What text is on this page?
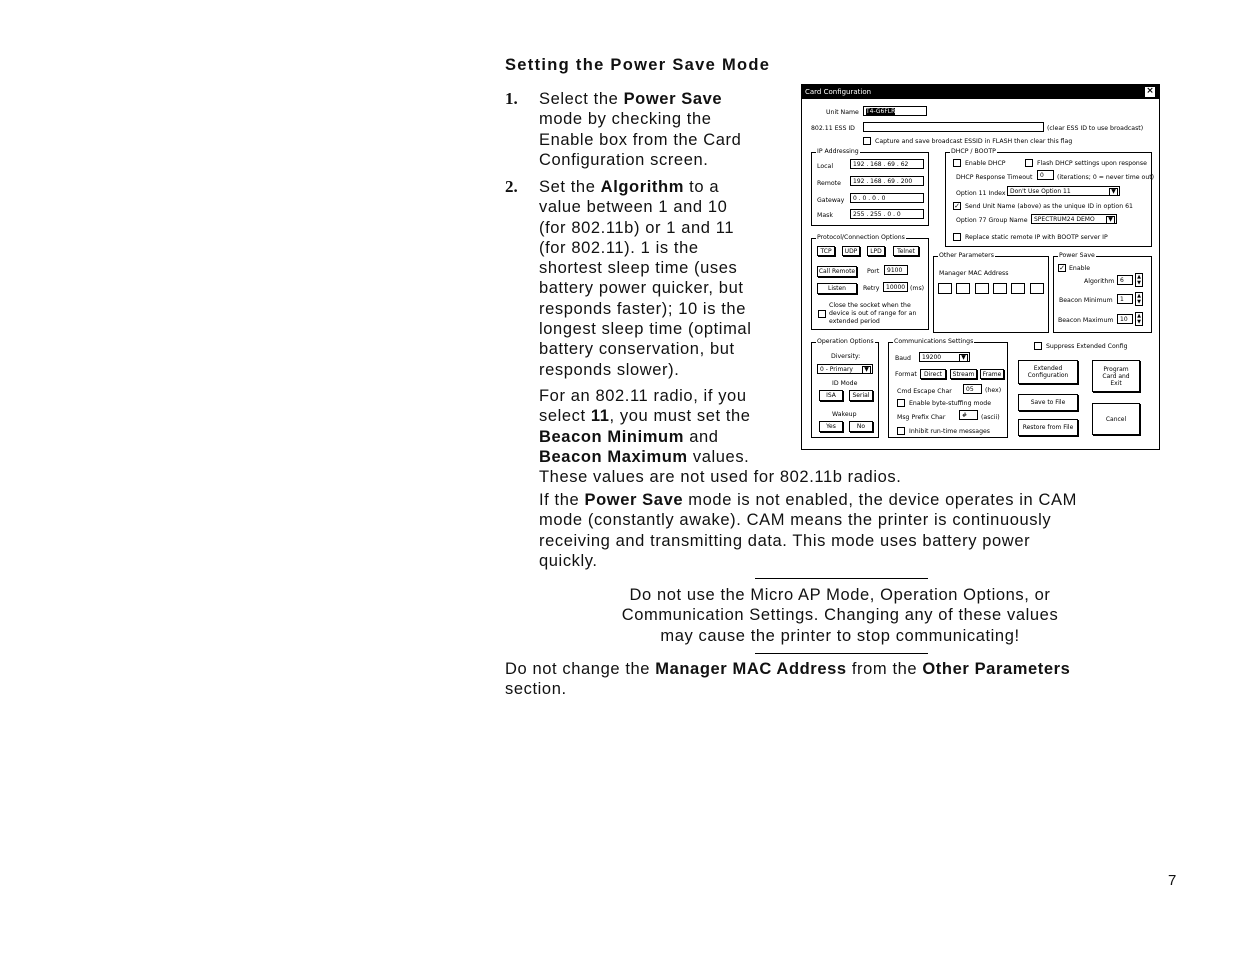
Setting the Power Save Mode
1. Select the Power Save
mode by checking the
Enable box from the Card
Configuration screen.
2. Set the Algorithm to a
value between 1 and 10
(for 802.11b) or 1 and 11
(for 802.11). 1 is the
shortest sleep time (uses
battery power quicker, but
responds faster); 10 is the
longest sleep time (optimal
battery conservation, but
responds slower).
For an 802.11 radio, if you
select 11, you must set the
Beacon Minimum and
Beacon Maximum values.
These values are not used for 802.11b radios.
If the Power Save mode is not enabled, the device operates in CAM
mode (constantly awake). CAM means the printer is continuously
receiving and transmitting data. This mode uses battery power
quickly.
Do not use the Micro AP Mode, Operation Options, or
Communication Settings. Changing any of these values
may cause the printer to stop communicating!
Do not change the Manager MAC Address from the Other Parameters
section.
7
Card Configuration	×
Unit Name	T4-G6FLR
802.11 ESS ID	(clear ESS ID to use broadcast)
Capture and save broadcast ESSID in FLASH then clear this flag
IP Addressing
Local	192 . 168 . 69 . 62
Remote	192 . 168 . 69 . 200
Gateway	0 . 0 . 0 . 0
Mask	255 . 255 . 0 . 0
DHCP / BOOTP
Enable DHCP	Flash DHCP settings upon response
DHCP Response Timeout	0	(iterations; 0 = never time out)
Option 11 Index Don't Use Option 11	▼
✓ Send Unit Name (above) as the unique ID in option 61
Option 77 Group Name	SPECTRUM24 DEMO	▼
Replace static remote IP with BOOTP server IP
Protocol/Connection Options
TCP	UDP	LPD	Telnet
Call Remote	Port	9100
Listen	Retry	10000 (ms)
Close the socket when the device is out of range for an extended period
Other Parameters
Manager MAC Address
Power Save
✓ Enable
Algorithm 6	▲
▼
Beacon Minimum	1	▲
▼
Beacon Maximum	10	▲
▼
Operation Options
Diversity:
0 - Primary	▼
ID Mode
ISA	Serial
Wakeup
Yes	No
Communications Settings
Baud	19200	▼
Format	Direct	Stream	Frame
Cmd Escape Char	05	(hex)
Enable byte-stuffing mode
Msg Prefix Char	#	(ascii)
Inhibit run-time messages
Suppress Extended Config
Extended Configuration
Program Card and Exit
Save to File
Cancel
Restore from File
